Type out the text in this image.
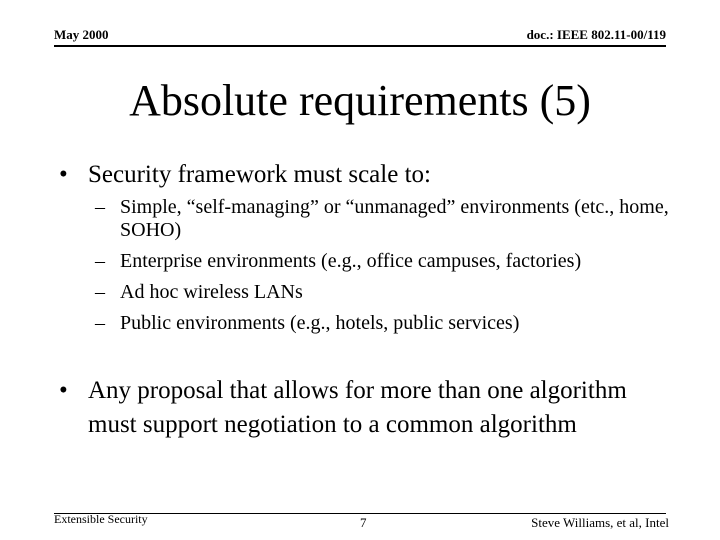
May 2000	doc.: IEEE 802.11-00/119
Absolute requirements (5)
• Security framework must scale to:
– Simple, “self-managing” or “unmanaged” environments (etc., home, SOHO)
– Enterprise environments (e.g., office campuses, factories)
– Ad hoc wireless LANs
– Public environments (e.g., hotels, public services)
• Any proposal that allows for more than one algorithm must support negotiation to a common algorithm
Extensible Security	7	Steve Williams, et al, Intel
